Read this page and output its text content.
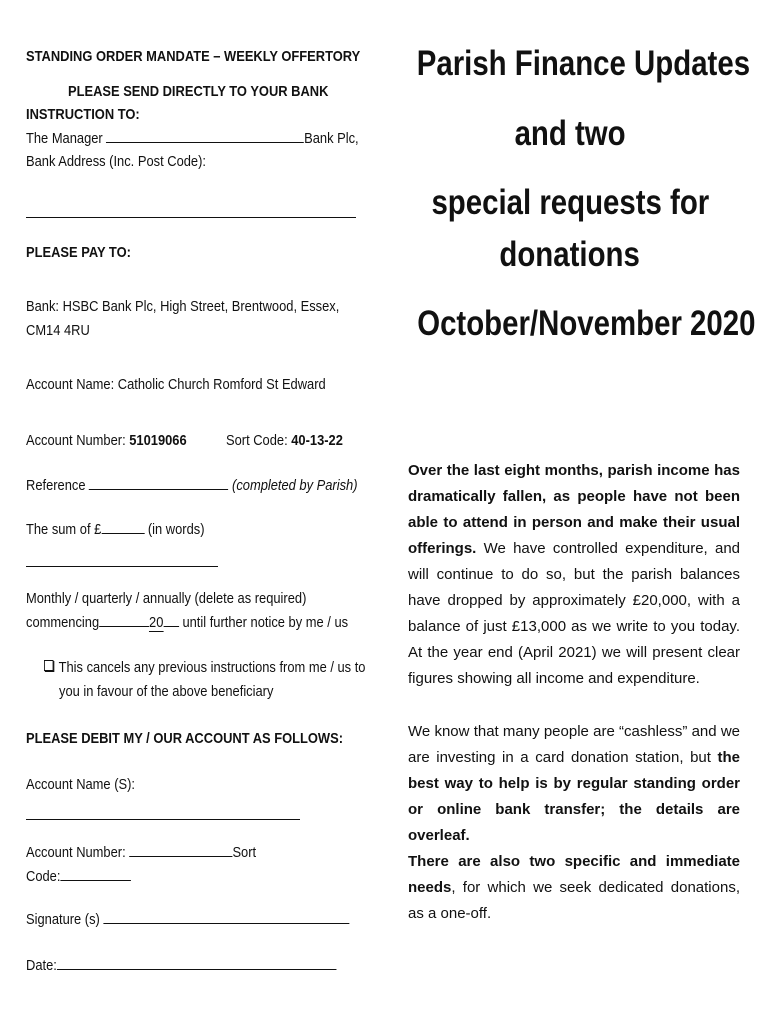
STANDING ORDER MANDATE – WEEKLY OFFERTORY
PLEASE SEND DIRECTLY TO YOUR BANK
INSTRUCTION TO:
The Manager	Bank Plc,
Bank Address (Inc. Post Code):
PLEASE PAY TO:
Bank: HSBC Bank Plc, High Street, Brentwood, Essex,
CM14 4RU
Account Name: Catholic Church Romford St Edward
Account Number: 51019066	Sort Code: 40-13-22
Reference	(completed by Parish)
The sum of £	(in words)
Monthly / quarterly / annually (delete as required)
commencing	20 until further notice by me / us
This cancels any previous instructions from me / us to
you in favour of the above beneficiary
PLEASE DEBIT MY / OUR ACCOUNT AS FOLLOWS:
Account Name (S):
Account Number:	Sort
Code:
Signature (s)
Date:
Parish Finance Updates
and two
special requests for
donations
October/November 2020
Over the last eight months, parish income has dramatically fallen, as people have not been able to attend in person and make their usual offerings. We have controlled expenditure, and will continue to do so, but the parish balances have dropped by approximately £20,000, with a balance of just £13,000 as we write to you today. At the year end (April 2021) we will present clear figures showing all income and expenditure.
We know that many people are “cashless” and we are investing in a card donation station, but the best way to help is by regular standing order or online bank transfer; the details are overleaf.
There are also two specific and immediate needs, for which we seek dedicated donations, as a one-off.
